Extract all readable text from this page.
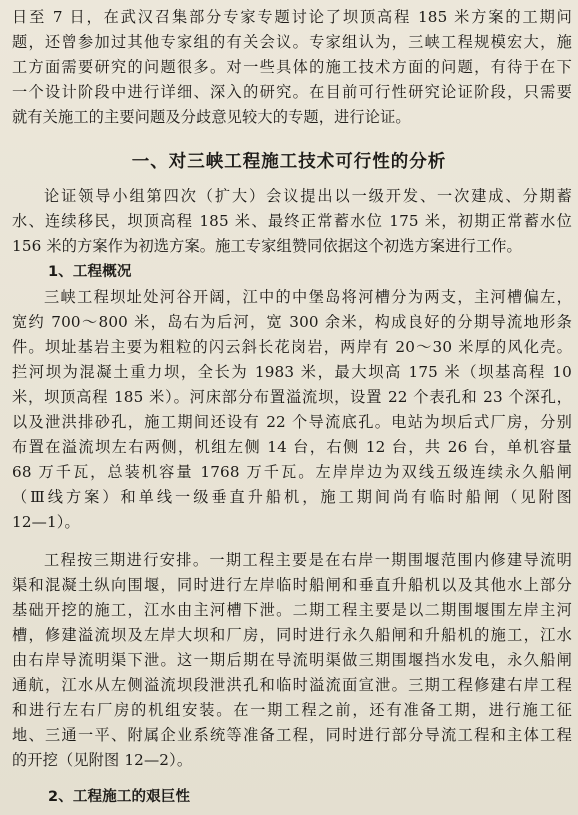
日至 7 日，在武汉召集部分专家专题讨论了坝顶高程 185 米方案的工期问
题，还曾参加过其他专家组的有关会议。专家组认为，三峡工程规模宏大，施
工方面需要研究的问题很多。对一些具体的施工技术方面的问题，有待于在下
一个设计阶段中进行详细、深入的研究。在目前可行性研究论证阶段，只需要
就有关施工的主要问题及分歧意见较大的专题，进行论证。
一、对三峡工程施工技术可行性的分析
论证领导小组第四次（扩大）会议提出以一级开发、一次建成、分期蓄
水、连续移民，坝顶高程 185 米、最终正常蓄水位 175 米，初期正常蓄水位
156 米的方案作为初选方案。施工专家组赞同依据这个初选方案进行工作。
1、工程概况
三峡工程坝址处河谷开阔，江中的中堡岛将河槽分为两支，主河槽偏左，
宽约 700～800 米，岛右为后河，宽 300 余米，构成良好的分期导流地形条
件。坝址基岩主要为粗粒的闪云斜长花岗岩，两岸有 20～30 米厚的风化壳。
拦河坝为混凝土重力坝，全长为 1983 米，最大坝高 175 米（坝基高程 10
米，坝顶高程 185 米）。河床部分布置溢流坝，设置 22 个表孔和 23 个深孔，
以及泄洪排砂孔，施工期间还设有 22 个导流底孔。电站为坝后式厂房，分别
布置在溢流坝左右两侧，机组左侧 14 台，右侧 12 台，共 26 台，单机容量
68 万千瓦，总装机容量 1768 万千瓦。左岸岸边为双线五级连续永久船闸
（Ⅲ线方案）和单线一级垂直升船机，施工期间尚有临时船闸（见附图
12—1）。
工程按三期进行安排。一期工程主要是在右岸一期围堰范围内修建导流明
渠和混凝土纵向围堰，同时进行左岸临时船闸和垂直升船机以及其他水上部分
基础开挖的施工，江水由主河槽下泄。二期工程主要是以二期围堰围左岸主河
槽，修建溢流坝及左岸大坝和厂房，同时进行永久船闸和升船机的施工，江水
由右岸导流明渠下泄。这一期后期在导流明渠做三期围堰挡水发电，永久船闸
通航，江水从左侧溢流坝段泄洪孔和临时溢流面宣泄。三期工程修建右岸工程
和进行左右厂房的机组安装。在一期工程之前，还有准备工期，进行施工征
地、三通一平、附属企业系统等准备工程，同时进行部分导流工程和主体工程
的开挖（见附图 12—2）。
2、工程施工的艰巨性
